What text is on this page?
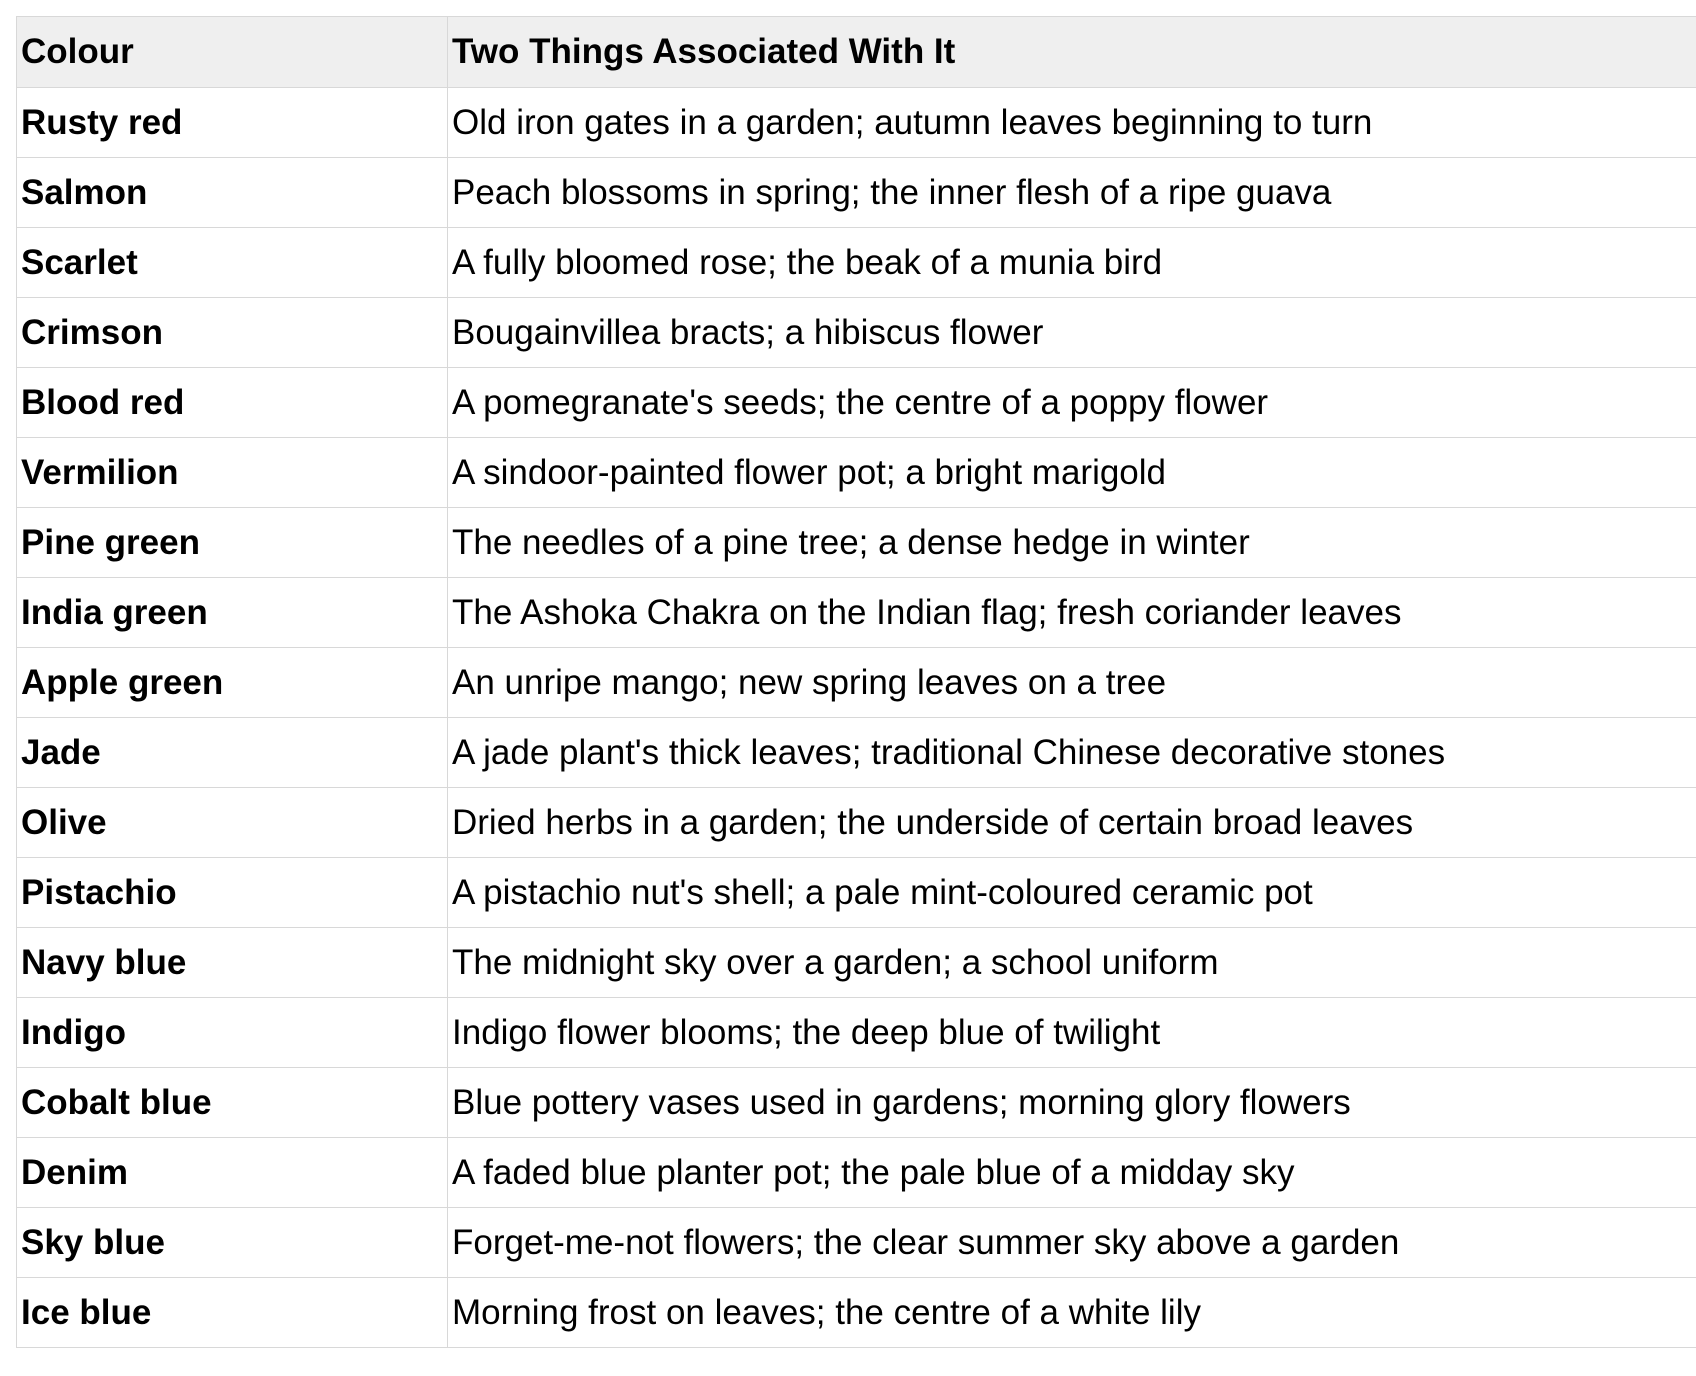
Colour	Two Things Associated With It
Rusty red	Old iron gates in a garden; autumn leaves beginning to turn
Salmon	Peach blossoms in spring; the inner flesh of a ripe guava
Scarlet	A fully bloomed rose; the beak of a munia bird
Crimson	Bougainvillea bracts; a hibiscus flower
Blood red	A pomegranate's seeds; the centre of a poppy flower
Vermilion	A sindoor-painted flower pot; a bright marigold
Pine green	The needles of a pine tree; a dense hedge in winter
India green	The Ashoka Chakra on the Indian flag; fresh coriander leaves
Apple green	An unripe mango; new spring leaves on a tree
Jade	A jade plant's thick leaves; traditional Chinese decorative stones
Olive	Dried herbs in a garden; the underside of certain broad leaves
Pistachio	A pistachio nut's shell; a pale mint-coloured ceramic pot
Navy blue	The midnight sky over a garden; a school uniform
Indigo	Indigo flower blooms; the deep blue of twilight
Cobalt blue	Blue pottery vases used in gardens; morning glory flowers
Denim	A faded blue planter pot; the pale blue of a midday sky
Sky blue	Forget-me-not flowers; the clear summer sky above a garden
Ice blue	Morning frost on leaves; the centre of a white lily
